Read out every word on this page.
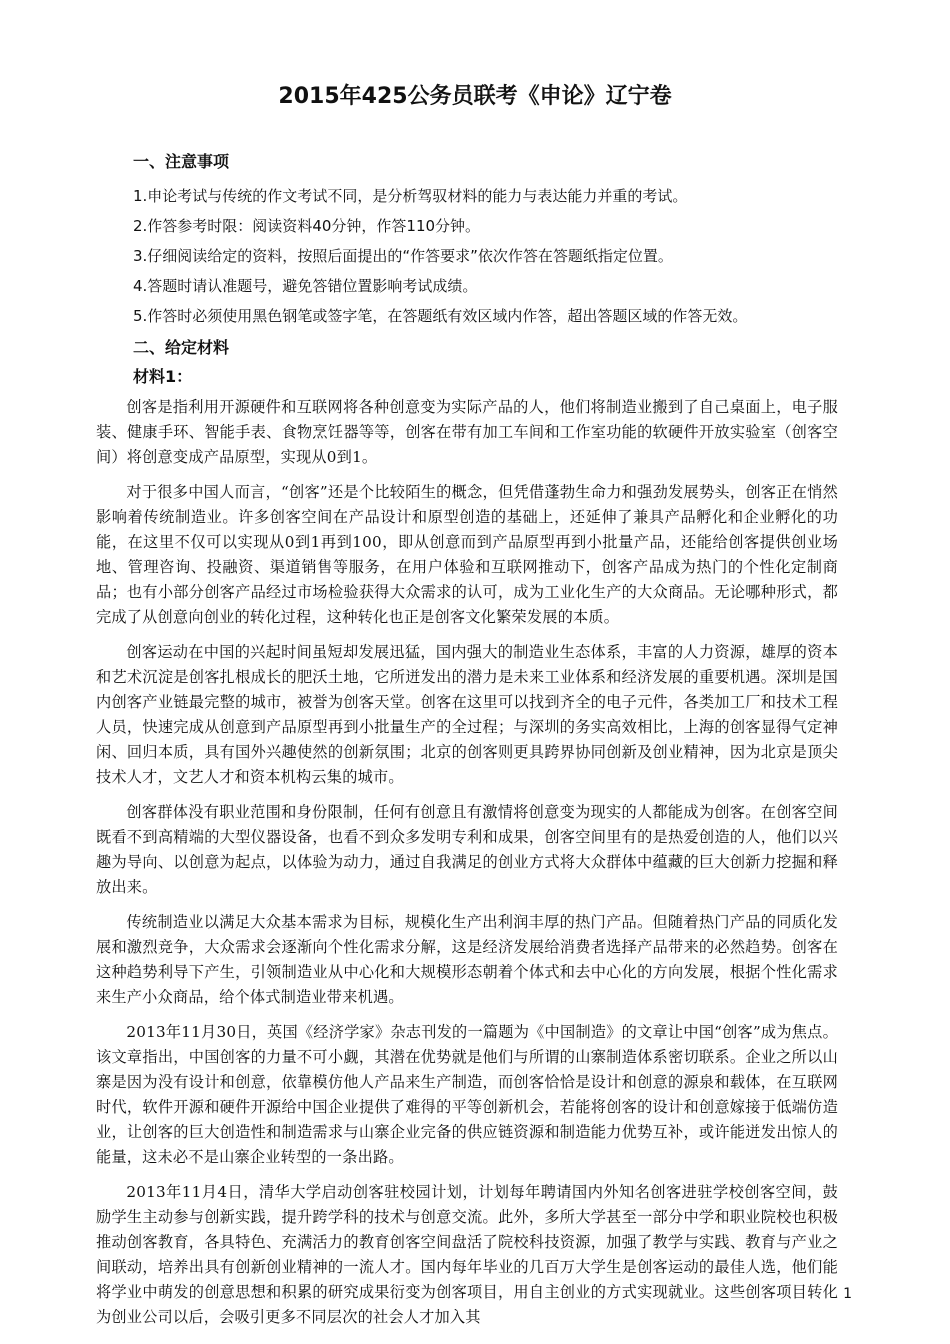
2015年425公务员联考《申论》辽宁卷
一、注意事项
1.申论考试与传统的作文考试不同，是分析驾驭材料的能力与表达能力并重的考试。
2.作答参考时限：阅读资料40分钟，作答110分钟。
3.仔细阅读给定的资料，按照后面提出的“作答要求”依次作答在答题纸指定位置。
4.答题时请认准题号，避免答错位置影响考试成绩。
5.作答时必须使用黑色钢笔或签字笔，在答题纸有效区域内作答，超出答题区域的作答无效。
二、给定材料
材料1：

创客是指利用开源硬件和互联网将各种创意变为实际产品的人，他们将制造业搬到了自己桌面上，电子服装、健康手环、智能手表、食物烹饪器等等，创客在带有加工车间和工作室功能的软硬件开放实验室（创客空间）将创意变成产品原型，实现从0到1。

对于很多中国人而言，“创客”还是个比较陌生的概念，但凭借蓬勃生命力和强劲发展势头，创客正在悄然影响着传统制造业。许多创客空间在产品设计和原型创造的基础上，还延伸了兼具产品孵化和企业孵化的功能，在这里不仅可以实现从0到1再到100，即从创意而到产品原型再到小批量产品，还能给创客提供创业场地、管理咨询、投融资、渠道销售等服务，在用户体验和互联网推动下，创客产品成为热门的个性化定制商品；也有小部分创客产品经过市场检验获得大众需求的认可，成为工业化生产的大众商品。无论哪种形式，都完成了从创意向创业的转化过程，这种转化也正是创客文化繁荣发展的本质。

创客运动在中国的兴起时间虽短却发展迅猛，国内强大的制造业生态体系，丰富的人力资源，雄厚的资本和艺术沉淀是创客扎根成长的肥沃土地，它所迸发出的潜力是未来工业体系和经济发展的重要机遇。深圳是国内创客产业链最完整的城市，被誉为创客天堂。创客在这里可以找到齐全的电子元件，各类加工厂和技术工程人员，快速完成从创意到产品原型再到小批量生产的全过程；与深圳的务实高效相比，上海的创客显得气定神闲、回归本质，具有国外兴趣使然的创新氛围；北京的创客则更具跨界协同创新及创业精神，因为北京是顶尖技术人才，文艺人才和资本机构云集的城市。

创客群体没有职业范围和身份限制，任何有创意且有激情将创意变为现实的人都能成为创客。在创客空间既看不到高精端的大型仪器设备，也看不到众多发明专利和成果，创客空间里有的是热爱创造的人，他们以兴趣为导向、以创意为起点，以体验为动力，通过自我满足的创业方式将大众群体中蕴藏的巨大创新力挖掘和释放出来。

传统制造业以满足大众基本需求为目标，规模化生产出利润丰厚的热门产品。但随着热门产品的同质化发展和激烈竞争，大众需求会逐渐向个性化需求分解，这是经济发展给消费者选择产品带来的必然趋势。创客在这种趋势利导下产生，引领制造业从中心化和大规模形态朝着个体式和去中心化的方向发展，根据个性化需求来生产小众商品，给个体式制造业带来机遇。

2013年11月30日，英国《经济学家》杂志刊发的一篇题为《中国制造》的文章让中国“创客”成为焦点。该文章指出，中国创客的力量不可小觑，其潜在优势就是他们与所谓的山寨制造体系密切联系。企业之所以山寨是因为没有设计和创意，依靠模仿他人产品来生产制造，而创客恰恰是设计和创意的源泉和载体，在互联网时代，软件开源和硬件开源给中国企业提供了难得的平等创新机会，若能将创客的设计和创意嫁接于低端仿造业，让创客的巨大创造性和制造需求与山寨企业完备的供应链资源和制造能力优势互补，或许能迸发出惊人的能量，这未必不是山寨企业转型的一条出路。

2013年11月4日，清华大学启动创客驻校园计划，计划每年聘请国内外知名创客进驻学校创客空间，鼓励学生主动参与创新实践，提升跨学科的技术与创意交流。此外，多所大学甚至一部分中学和职业院校也积极推动创客教育，各具特色、充满活力的教育创客空间盘活了院校科技资源，加强了教学与实践、教育与产业之间联动，培养出具有创新创业精神的一流人才。国内每年毕业的几百万大学生是创客运动的最佳人选，他们能将学业中萌发的创意思想和积累的研究成果衍变为创客项目，用自主创业的方式实现就业。这些创客项目转化为创业公司以后，会吸引更多不同层次的社会人才加入其

1
